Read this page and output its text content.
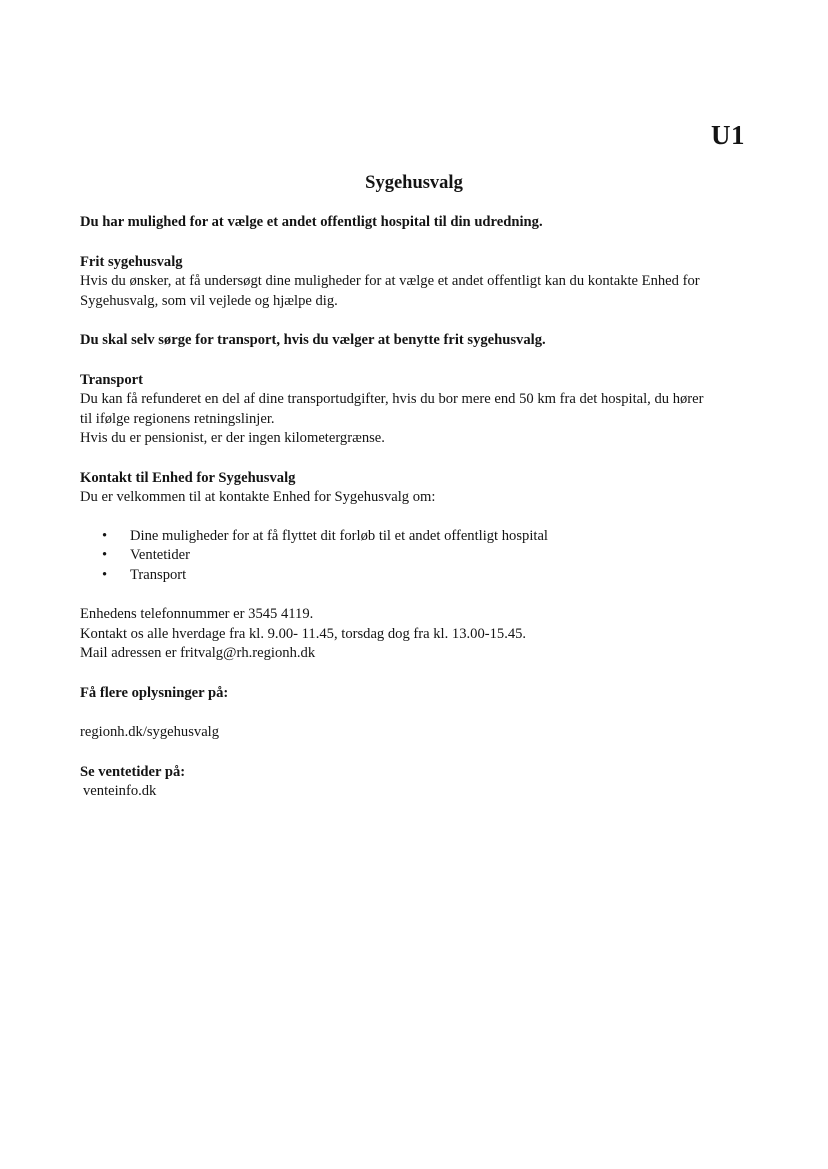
U1
Sygehusvalg

Du har mulighed for at vælge et andet offentligt hospital til din udredning.

Frit sygehusvalg

Hvis du ønsker, at få undersøgt dine muligheder for at vælge et andet offentligt kan du kontakte Enhed for

Sygehusvalg, som vil vejlede og hjælpe dig.

Du skal selv sørge for transport, hvis du vælger at benytte frit sygehusvalg.

Transport

Du kan få refunderet en del af dine transportudgifter, hvis du bor mere end 50 km fra det hospital, du hører

til ifølge regionens retningslinjer.

Hvis du er pensionist, er der ingen kilometergrænse.

Kontakt til Enhed for Sygehusvalg

Du er velkommen til at kontakte Enhed for Sygehusvalg om:

• Dine muligheder for at få flyttet dit forløb til et andet offentligt hospital
• Ventetider
• Transport

Enhedens telefonnummer er 3545 4119.

Kontakt os alle hverdage fra kl. 9.00- 11.45, torsdag dog fra kl. 13.00-15.45.

Mail adressen er fritvalg@rh.regionh.dk

Få flere oplysninger på:

regionh.dk/sygehusvalg

Se ventetider på:

venteinfo.dk
